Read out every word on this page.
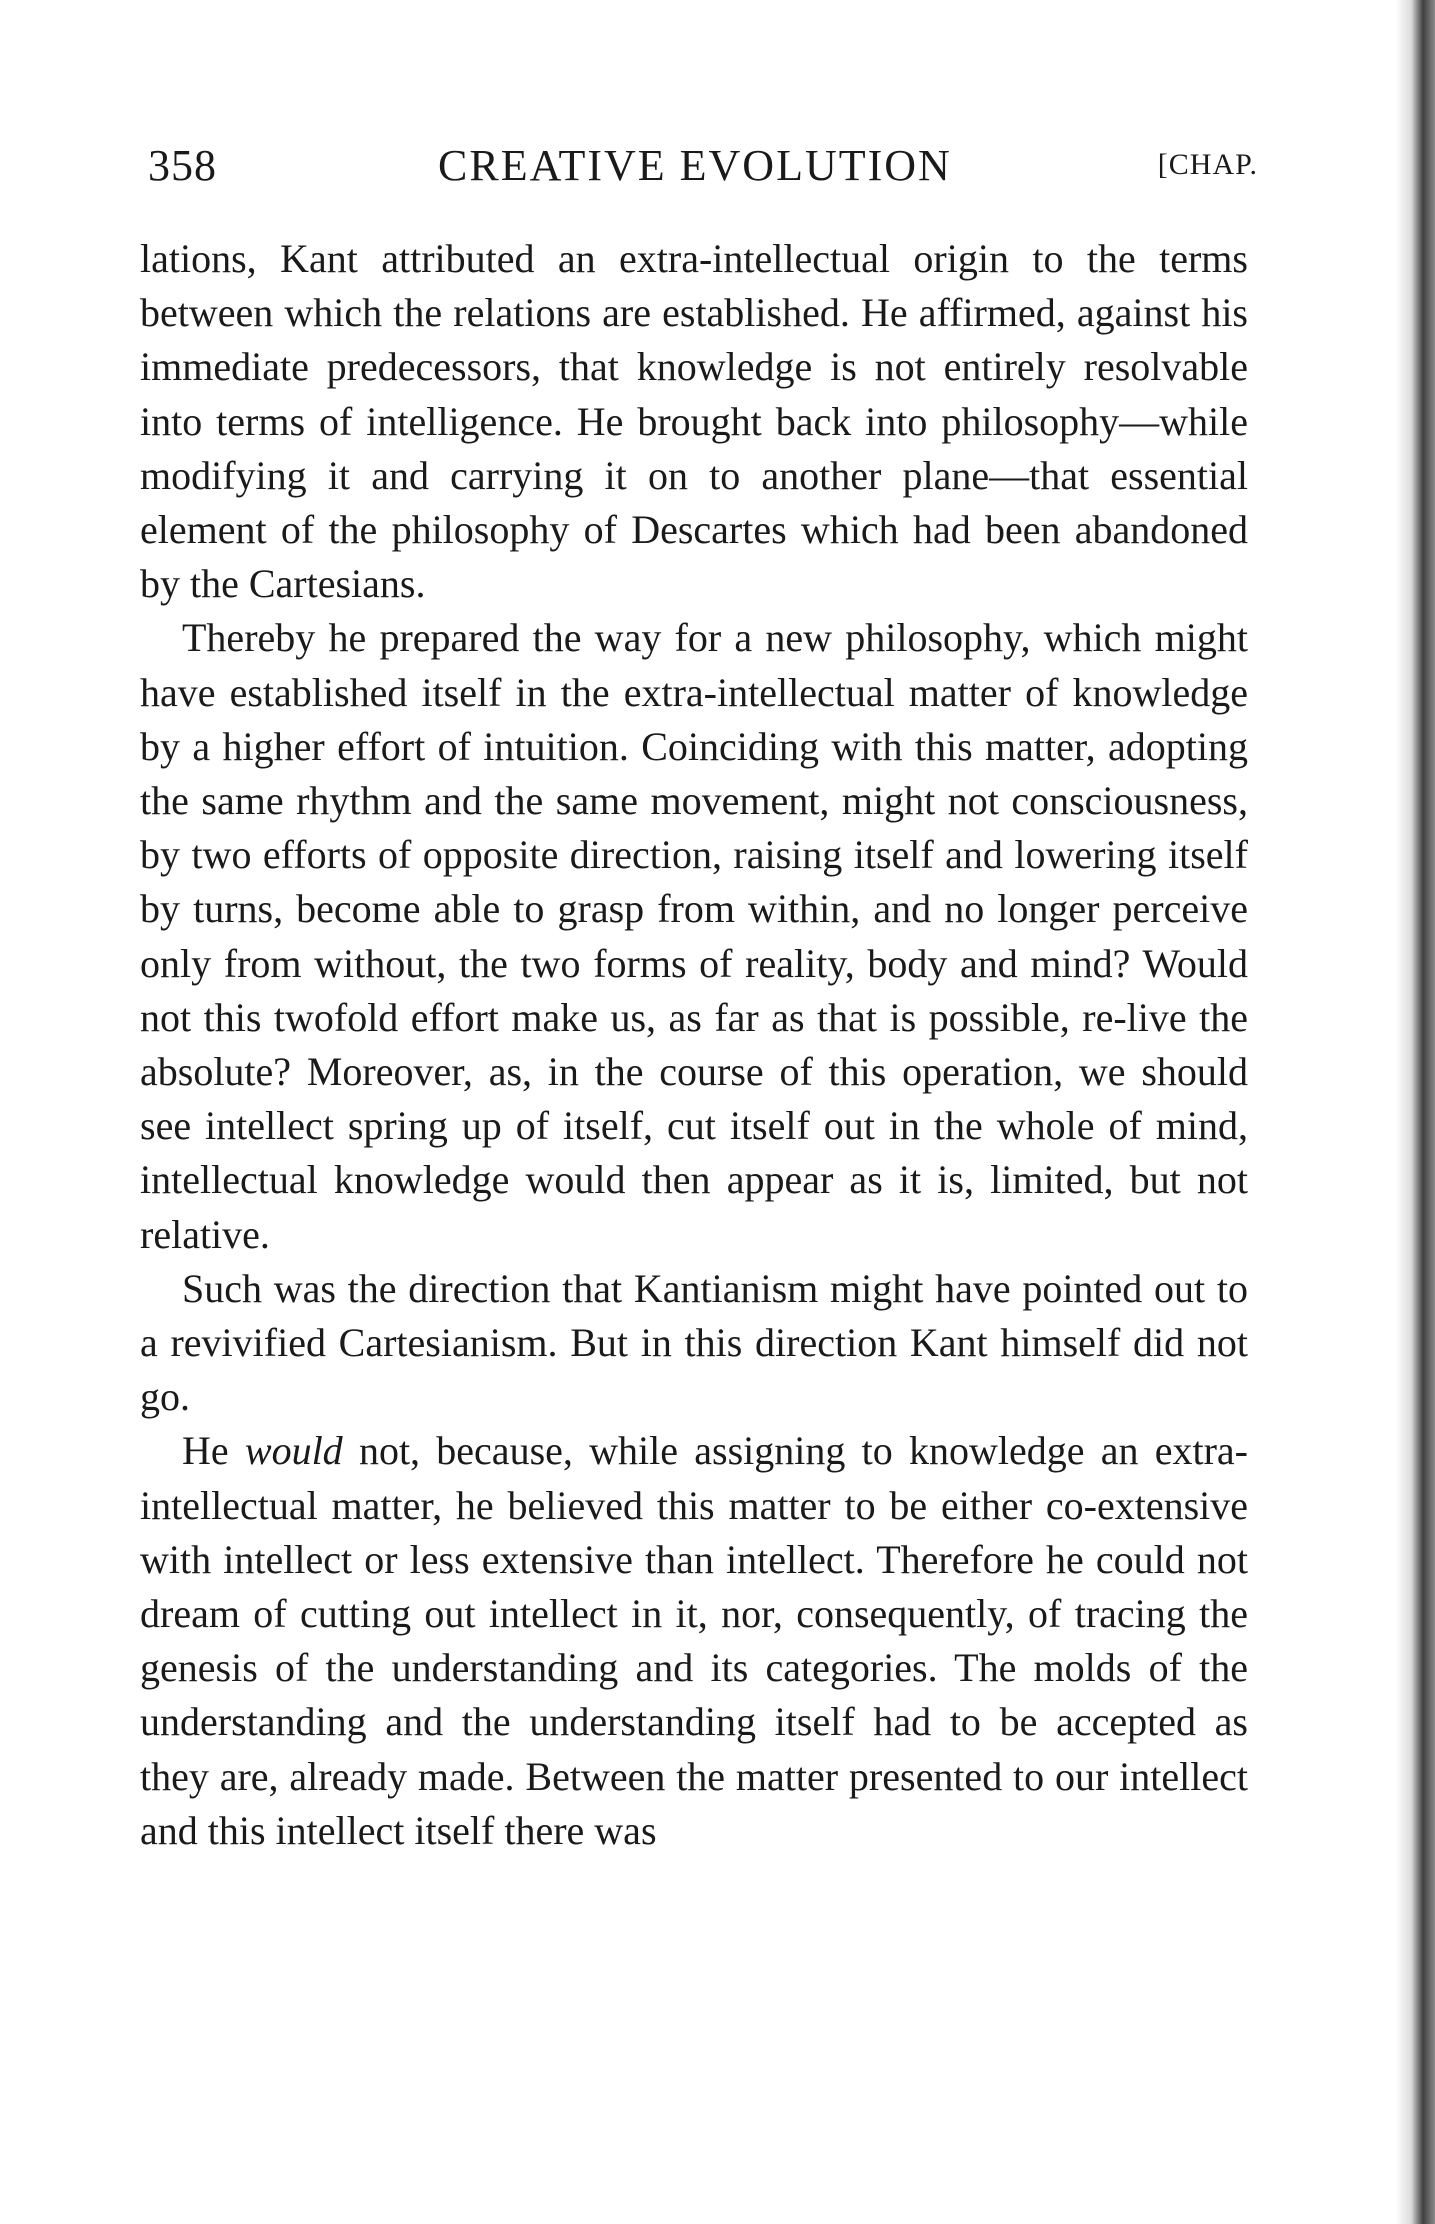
358	CREATIVE EVOLUTION	[CHAP.

lations, Kant attributed an extra-intellectual origin to the terms between which the relations are established. He affirmed, against his immediate predecessors, that knowledge is not entirely resolvable into terms of intelligence. He brought back into philosophy—while modifying it and carrying it on to another plane—that essential element of the philosophy of Descartes which had been abandoned by the Cartesians.

Thereby he prepared the way for a new philosophy, which might have established itself in the extra-intellectual matter of knowledge by a higher effort of intuition. Coinciding with this matter, adopting the same rhythm and the same movement, might not consciousness, by two efforts of opposite direction, raising itself and lowering itself by turns, become able to grasp from within, and no longer perceive only from without, the two forms of reality, body and mind? Would not this twofold effort make us, as far as that is possible, re-live the absolute? Moreover, as, in the course of this operation, we should see intellect spring up of itself, cut itself out in the whole of mind, intellectual knowledge would then appear as it is, limited, but not relative.

Such was the direction that Kantianism might have pointed out to a revivified Cartesianism. But in this direction Kant himself did not go.

He would not, because, while assigning to knowledge an extra-intellectual matter, he believed this matter to be either co-extensive with intellect or less extensive than intellect. Therefore he could not dream of cutting out intellect in it, nor, consequently, of tracing the genesis of the understanding and its categories. The molds of the understanding and the understanding itself had to be accepted as they are, already made. Between the matter presented to our intellect and this intellect itself there was
